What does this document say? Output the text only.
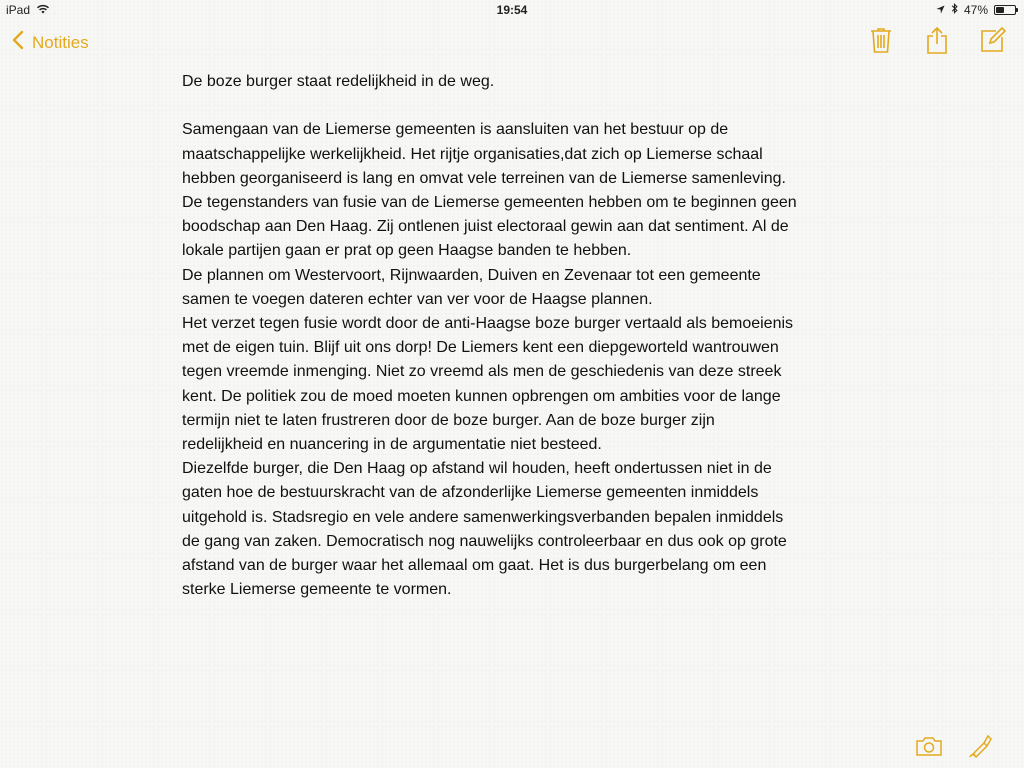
iPad	19:54	47%
Notities

De boze burger staat redelijkheid in de weg.

Samengaan van de Liemerse gemeenten is aansluiten van het bestuur op de

maatschappelijke werkelijkheid. Het rijtje organisaties,dat zich op Liemerse schaal

hebben georganiseerd is lang en omvat vele terreinen van de Liemerse samenleving.

De tegenstanders van fusie van de Liemerse gemeenten hebben om te beginnen geen

boodschap aan Den Haag. Zij ontlenen juist electoraal gewin aan dat sentiment. Al de

lokale partijen gaan er prat op geen Haagse banden te hebben.

De plannen om Westervoort, Rijnwaarden, Duiven en Zevenaar tot een gemeente

samen te voegen dateren echter van ver voor de Haagse plannen.

Het verzet tegen fusie wordt door de anti-Haagse boze burger vertaald als bemoeienis

met de eigen tuin. Blijf uit ons dorp! De Liemers kent een diepgeworteld wantrouwen

tegen vreemde inmenging. Niet zo vreemd als men de geschiedenis van deze streek

kent. De politiek zou de moed moeten kunnen opbrengen om ambities voor de lange

termijn niet te laten frustreren door de boze burger. Aan de boze burger zijn

redelijkheid en nuancering in de argumentatie niet besteed.

Diezelfde burger, die Den Haag op afstand wil houden, heeft ondertussen niet in de

gaten hoe de bestuurskracht van de afzonderlijke Liemerse gemeenten inmiddels

uitgehold is. Stadsregio en vele andere samenwerkingsverbanden bepalen inmiddels

de gang van zaken. Democratisch nog nauwelijks controleerbaar en dus ook op grote

afstand van de burger waar het allemaal om gaat. Het is dus burgerbelang om een

sterke Liemerse gemeente te vormen.
